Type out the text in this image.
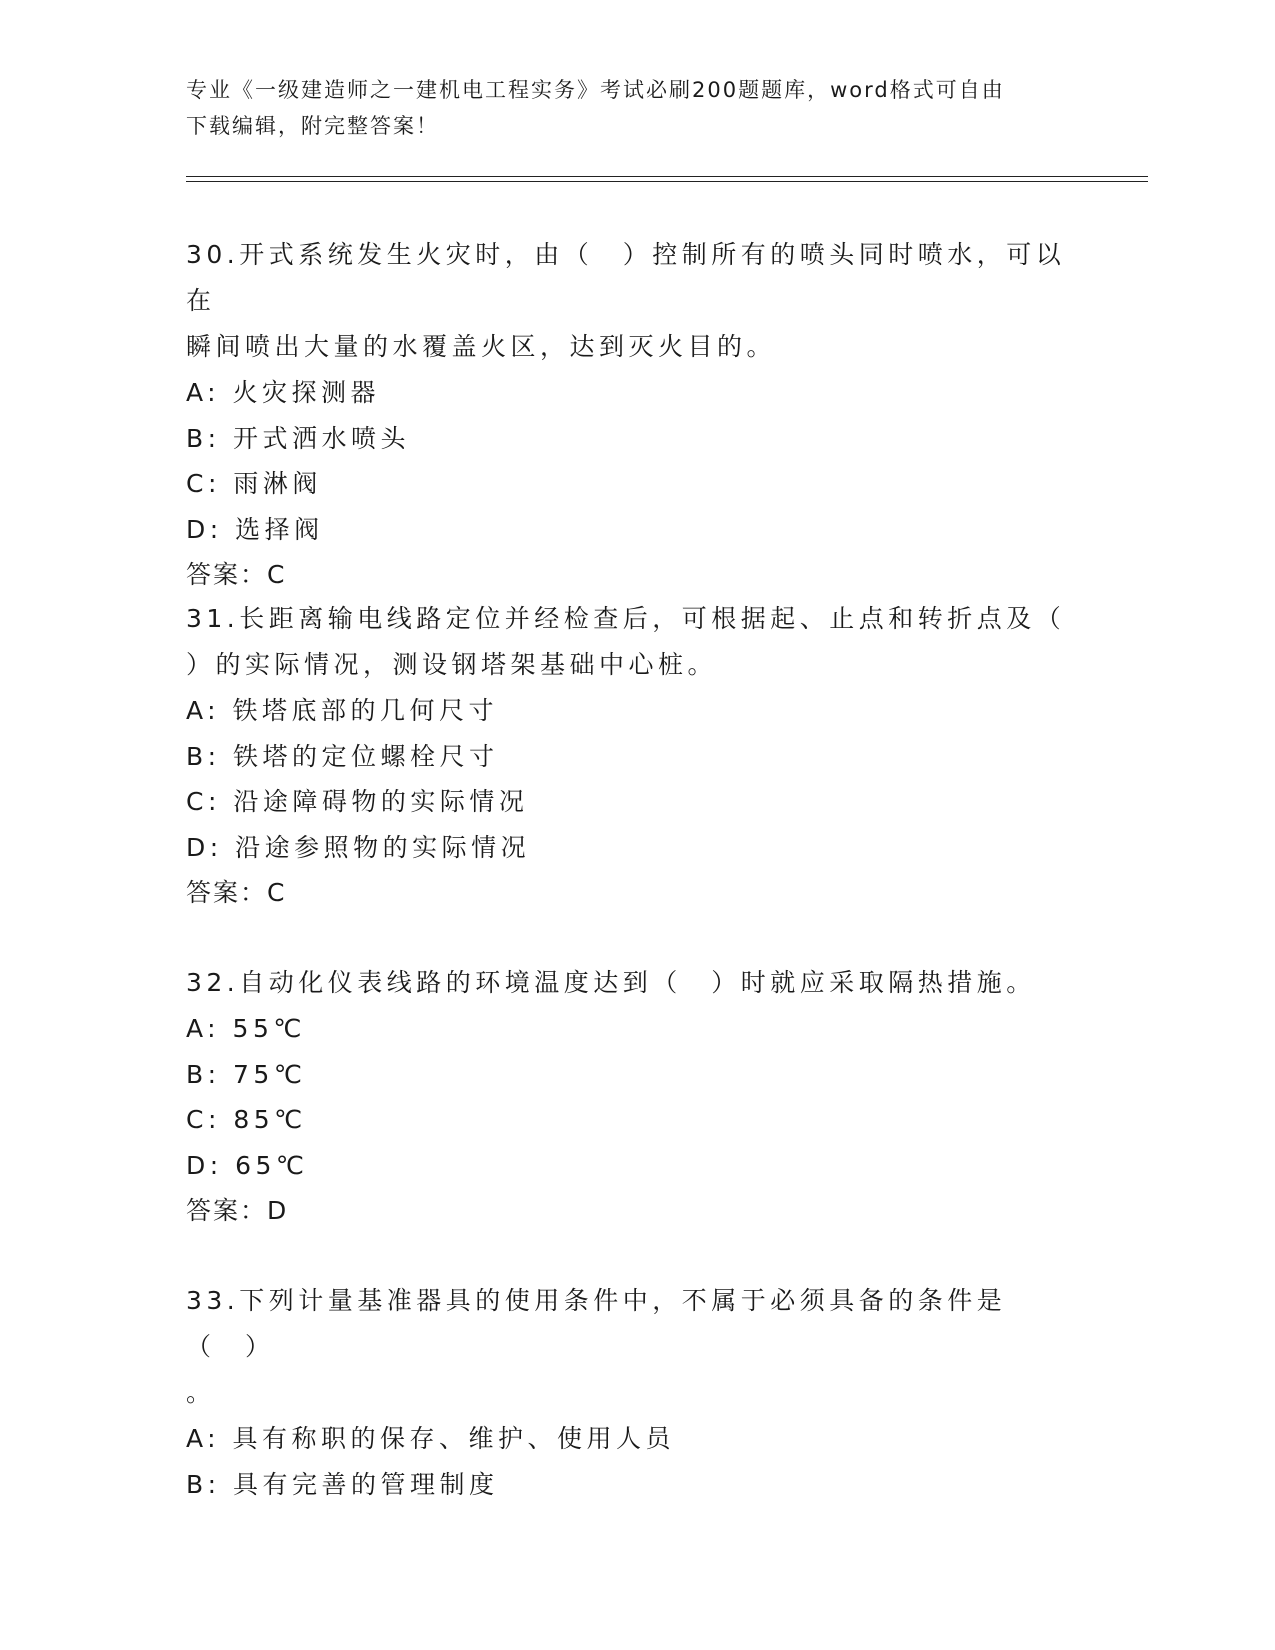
专业《一级建造师之一建机电工程实务》考试必刷200题题库，word格式可自由
下载编辑，附完整答案！

30.开式系统发生火灾时，由（　）控制所有的喷头同时喷水，可以在
瞬间喷出大量的水覆盖火区，达到灭火目的。

A: 火灾探测器

B: 开式洒水喷头

C: 雨淋阀

D: 选择阀

答案：C

31.长距离输电线路定位并经检查后，可根据起、止点和转折点及（
）的实际情况，测设钢塔架基础中心桩。

A: 铁塔底部的几何尺寸

B: 铁塔的定位螺栓尺寸

C: 沿途障碍物的实际情况

D: 沿途参照物的实际情况

答案：C

32.自动化仪表线路的环境温度达到（　）时就应采取隔热措施。

A: 55℃

B: 75℃

C: 85℃

D: 65℃

答案：D

33.下列计量基准器具的使用条件中，不属于必须具备的条件是（　）
。

A: 具有称职的保存、维护、使用人员

B: 具有完善的管理制度
